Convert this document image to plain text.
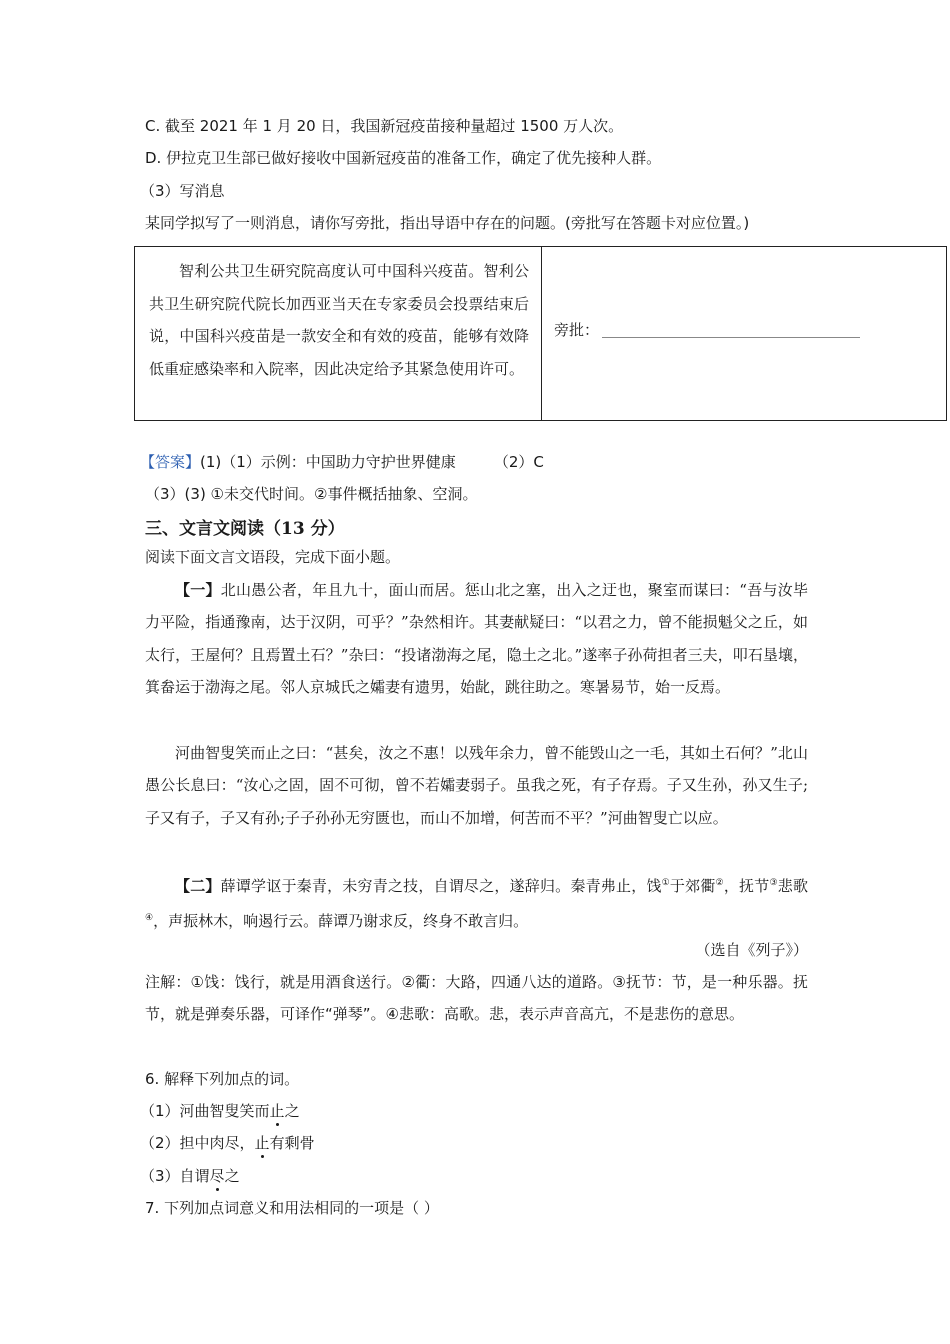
C. 截至 2021 年 1 月 20 日，我国新冠疫苗接种量超过 1500 万人次。
D. 伊拉克卫生部已做好接收中国新冠疫苗的准备工作，确定了优先接种人群。
（3）写消息
某同学拟写了一则消息，请你写旁批，指出导语中存在的问题。(旁批写在答题卡对应位置。)

智利公共卫生研究院高度认可中国科兴疫苗。智利公共卫生研究院代院长加西亚当天在专家委员会投票结束后说，中国科兴疫苗是一款安全和有效的疫苗，能够有效降低重症感染率和入院率，因此决定给予其紧急使用许可。

旁批：
【答案】(1)（1）示例：中国助力守护世界健康	（2）C
（3）(3) ①未交代时间。②事件概括抽象、空洞。
三、文言文阅读（13 分）
阅读下面文言文语段，完成下面小题。

【一】北山愚公者，年且九十，面山而居。惩山北之塞，出入之迂也，聚室而谋曰：“吾与汝毕力平险，指通豫南，达于汉阴，可乎？”杂然相许。其妻献疑曰：“以君之力，曾不能损魁父之丘，如太行，王屋何？且焉置土石？”杂曰：“投诸渤海之尾，隐土之北。”遂率子孙荷担者三夫，叩石垦壤，箕畚运于渤海之尾。邻人京城氏之孀妻有遗男，始龀，跳往助之。寒暑易节，始一反焉。

河曲智叟笑而止之曰：“甚矣，汝之不惠！以残年余力，曾不能毁山之一毛，其如土石何？”北山愚公长息曰：“汝心之固，固不可彻，曾不若孀妻弱子。虽我之死，有子存焉。子又生孙，孙又生子;子又有子，子又有孙;子子孙孙无穷匮也，而山不加增，何苦而不平？”河曲智叟亡以应。

【二】薛谭学讴于秦青，未穷青之技，自谓尽之，遂辞归。秦青弗止，饯①于郊衢②，抚节③悲歌④，声振林木，响遏行云。薛谭乃谢求反，终身不敢言归。

（选自《列子》）

注解：①饯：饯行，就是用酒食送行。②衢：大路，四通八达的道路。③抚节：节，是一种乐器。抚节，就是弹奏乐器，可译作“弹琴”。④悲歌：高歌。悲，表示声音高亢，不是悲伤的意思。

6. 解释下列加点的词。
（1）河曲智叟笑而止之
（2）担中肉尽，止有剩骨
（3）自谓尽之
7. 下列加点词意义和用法相同的一项是（ ）
